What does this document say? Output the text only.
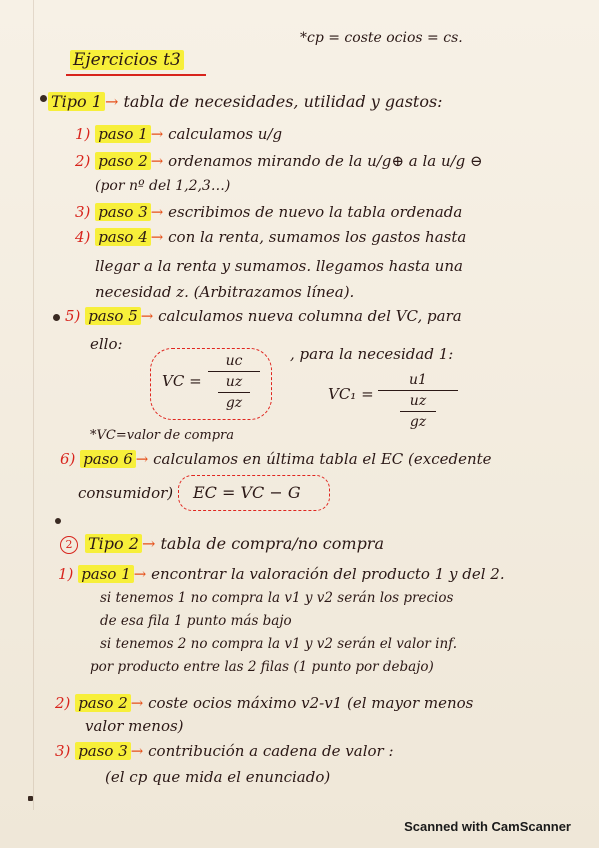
*cp = coste ocios = cs.
Ejercicios t3
Tipo 1 → tabla de necesidades, utilidad y gastos:
1) paso 1 → calculamos u/g
2) paso 2 → ordenamos mirando de la u/g⊕ a la u/g ⊖
(por nº del 1,2,3…)
3) paso 3 → escribimos de nuevo la tabla ordenada
4) paso 4 → con la renta, sumamos los gastos hasta
llegar a la renta y sumamos. llegamos hasta una
necesidad z. (Arbitrazamos línea).
5) paso 5 → calculamos nueva columna del VC, para
ello:
VC =
uc
uz
gz
, para la necesidad 1:
VC₁ =
u1
uz
gz
*VC=valor de compra
6) paso 6 → calculamos en última tabla el EC (excedente
consumidor) EC = VC − G
2 Tipo 2 → tabla de compra/no compra
1) paso 1 → encontrar la valoración del producto 1 y del 2.
si tenemos 1 no compra la v1 y v2 serán los precios
de esa fila 1 punto más bajo
si tenemos 2 no compra la v1 y v2 serán el valor inf.
por producto entre las 2 filas (1 punto por debajo)
2) paso 2 → coste ocios máximo v2-v1 (el mayor menos
valor menos)
3) paso 3 → contribución a cadena de valor :
(el cp que mida el enunciado)
Scanned with CamScanner
